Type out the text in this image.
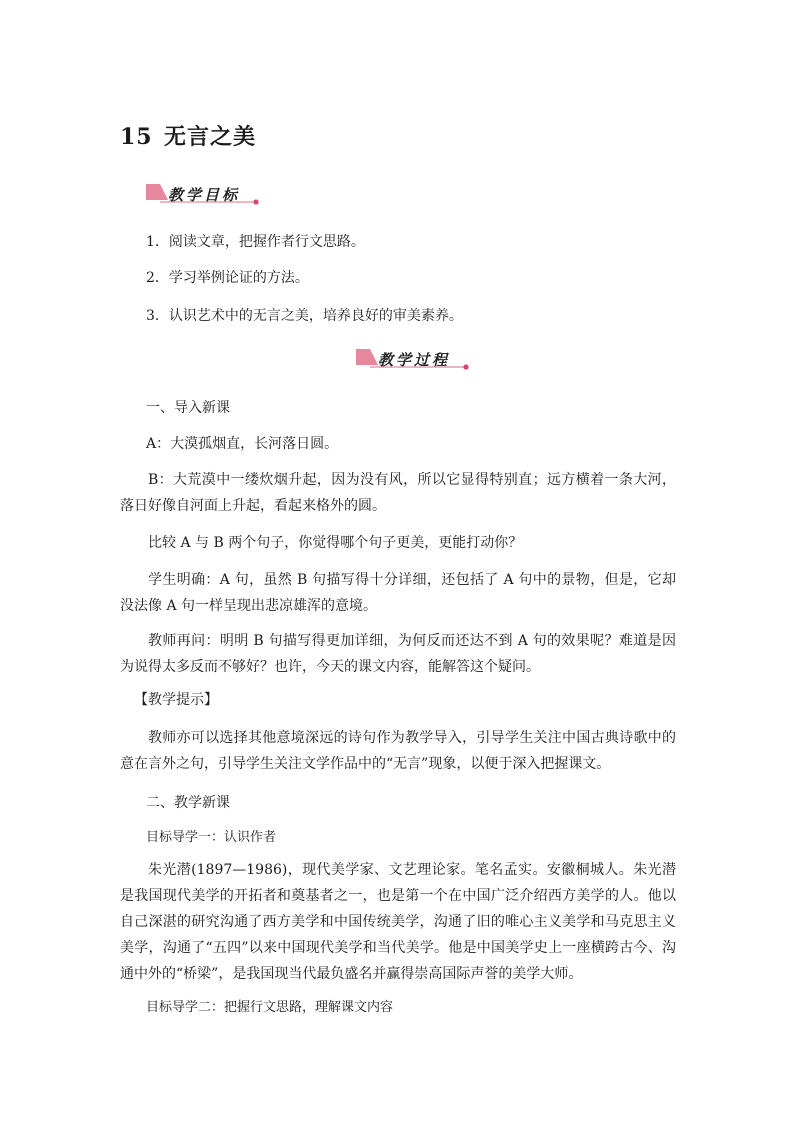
15 无言之美
教学目标
1．阅读文章，把握作者行文思路。
2．学习举例论证的方法。
3．认识艺术中的无言之美，培养良好的审美素养。
教学过程
一、导入新课
A：大漠孤烟直，长河落日圆。
B：大荒漠中一缕炊烟升起，因为没有风，所以它显得特别直；远方横着一条大河，落日好像自河面上升起，看起来格外的圆。
比较 A 与 B 两个句子，你觉得哪个句子更美，更能打动你？
学生明确：A 句，虽然 B 句描写得十分详细，还包括了 A 句中的景物，但是，它却没法像 A 句一样呈现出悲凉雄浑的意境。
教师再问：明明 B 句描写得更加详细，为何反而还达不到 A 句的效果呢？难道是因为说得太多反而不够好？也许，今天的课文内容，能解答这个疑问。
【教学提示】
教师亦可以选择其他意境深远的诗句作为教学导入，引导学生关注中国古典诗歌中的意在言外之句，引导学生关注文学作品中的“无言”现象，以便于深入把握课文。
二、教学新课
目标导学一：认识作者
朱光潜(1897—1986)，现代美学家、文艺理论家。笔名孟实。安徽桐城人。朱光潜是我国现代美学的开拓者和奠基者之一，也是第一个在中国广泛介绍西方美学的人。他以自己深湛的研究沟通了西方美学和中国传统美学，沟通了旧的唯心主义美学和马克思主义美学，沟通了“五四”以来中国现代美学和当代美学。他是中国美学史上一座横跨古今、沟通中外的“桥梁”，是我国现当代最负盛名并赢得崇高国际声誉的美学大师。
目标导学二：把握行文思路，理解课文内容
